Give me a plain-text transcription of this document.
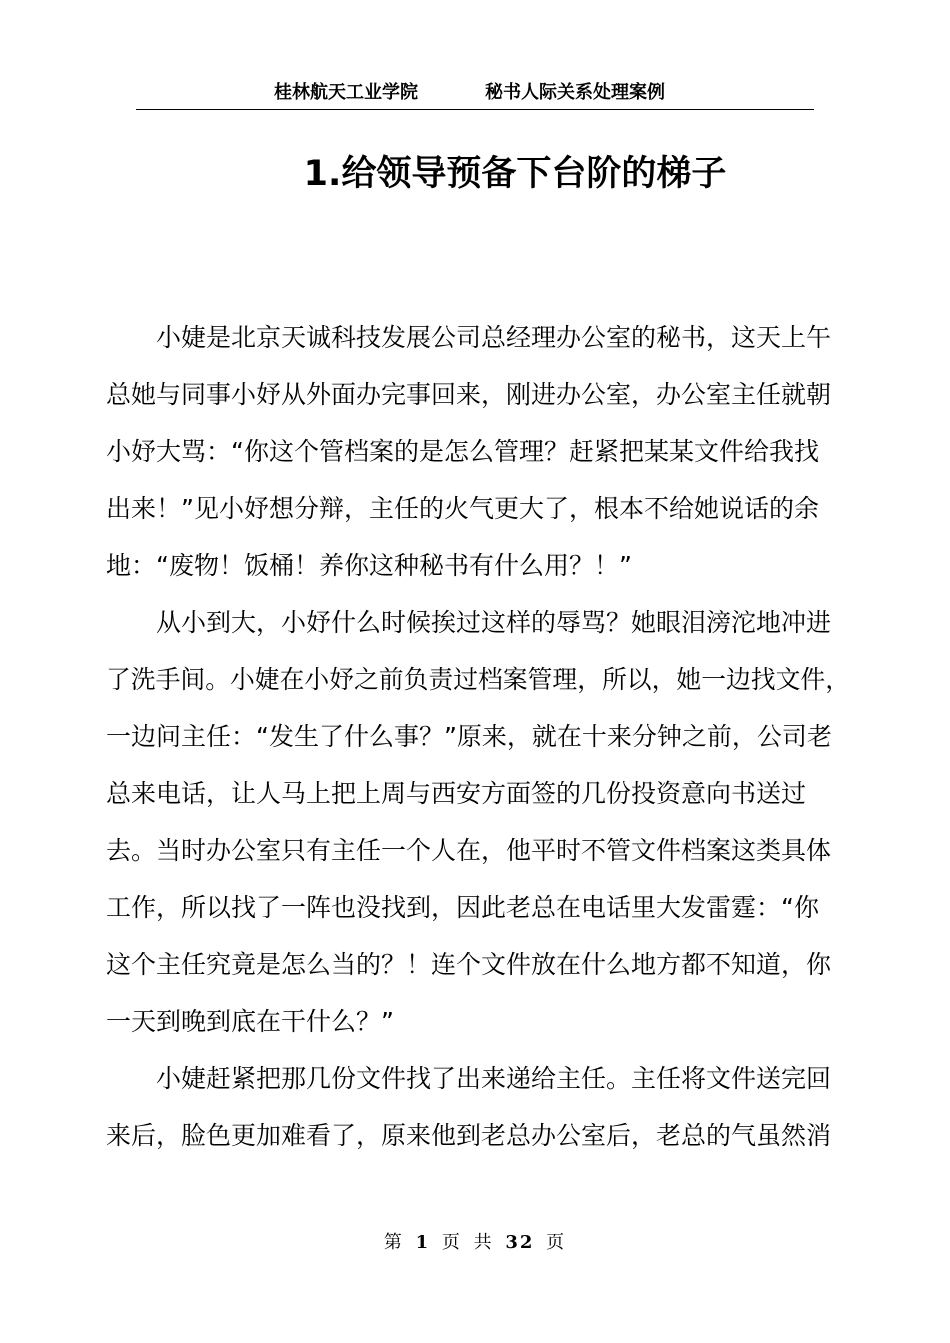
桂林航天工业学院	秘书人际关系处理案例
1.给领导预备下台阶的梯子
小婕是北京天诚科技发展公司总经理办公室的秘书，这天上午
总她与同事小妤从外面办完事回来，刚进办公室，办公室主任就朝
小妤大骂：“你这个管档案的是怎么管理？赶紧把某某文件给我找
出来！”见小妤想分辩，主任的火气更大了，根本不给她说话的余
地：“废物！饭桶！养你这种秘书有什么用？！”
从小到大，小妤什么时候挨过这样的辱骂？她眼泪滂沱地冲进
了洗手间。小婕在小妤之前负责过档案管理，所以，她一边找文件，
一边问主任：“发生了什么事？”原来，就在十来分钟之前，公司老
总来电话，让人马上把上周与西安方面签的几份投资意向书送过
去。当时办公室只有主任一个人在，他平时不管文件档案这类具体
工作，所以找了一阵也没找到，因此老总在电话里大发雷霆：“你
这个主任究竟是怎么当的？！连个文件放在什么地方都不知道，你
一天到晚到底在干什么？”
小婕赶紧把那几份文件找了出来递给主任。主任将文件送完回
来后，脸色更加难看了，原来他到老总办公室后，老总的气虽然消
第 1 页 共 32 页
